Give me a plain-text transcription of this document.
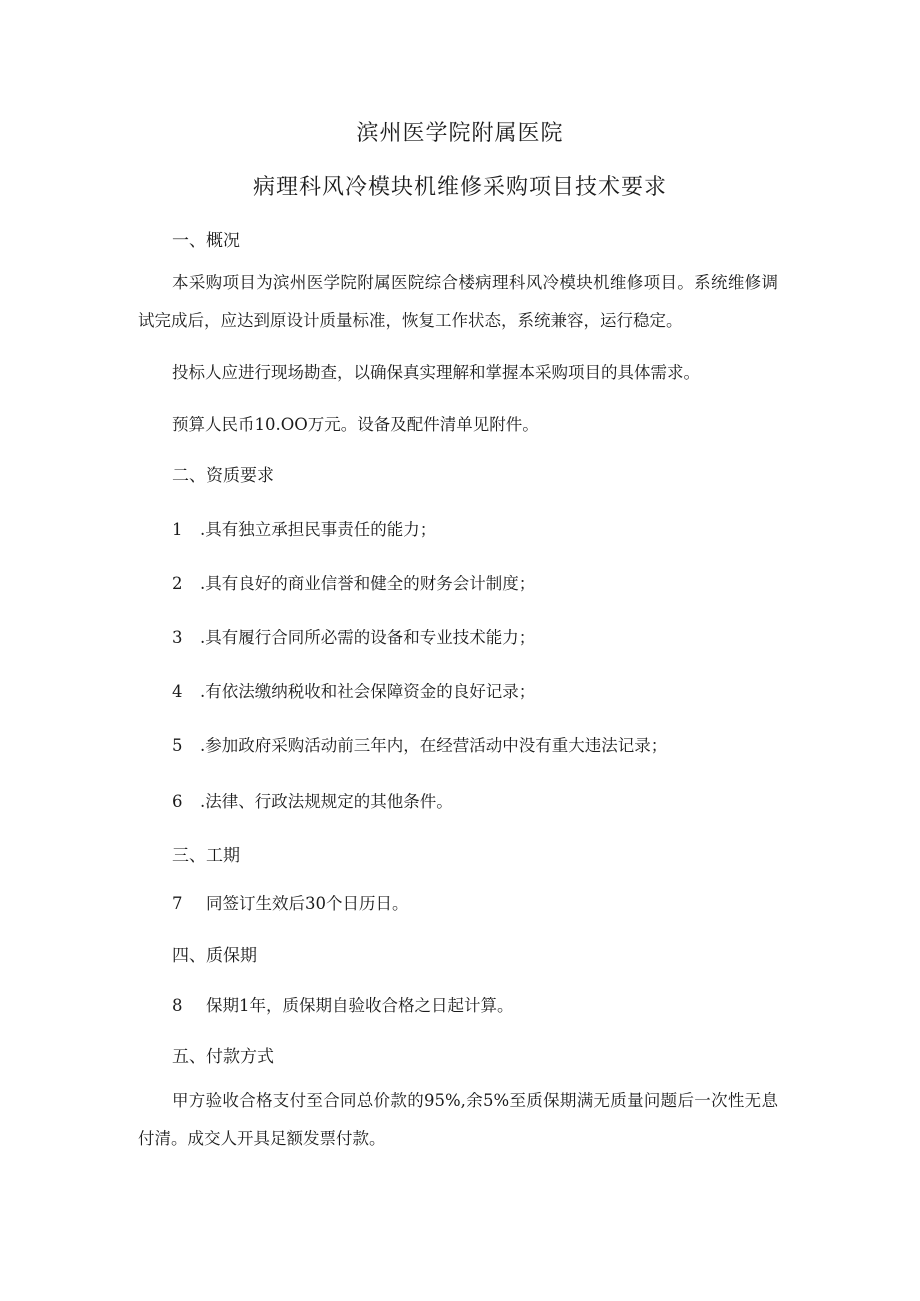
滨州医学院附属医院
病理科风冷模块机维修采购项目技术要求
一、概况
本采购项目为滨州医学院附属医院综合楼病理科风冷模块机维修项目。系统维修调试完成后，应达到原设计质量标准，恢复工作状态，系统兼容，运行稳定。
投标人应进行现场勘查，以确保真实理解和掌握本采购项目的具体需求。
预算人民币10.OO万元。设备及配件清单见附件。
二、资质要求
1 .具有独立承担民事责任的能力；
2 .具有良好的商业信誉和健全的财务会计制度；
3 .具有履行合同所必需的设备和专业技术能力；
4 .有依法缴纳税收和社会保障资金的良好记录；
5 .参加政府采购活动前三年内，在经营活动中没有重大违法记录；
6 .法律、行政法规规定的其他条件。
三、工期
7 同签订生效后30个日历日。
四、质保期
8 保期1年，质保期自验收合格之日起计算。
五、付款方式
甲方验收合格支付至合同总价款的95%,余5%至质保期满无质量问题后一次性无息付清。成交人开具足额发票付款。
